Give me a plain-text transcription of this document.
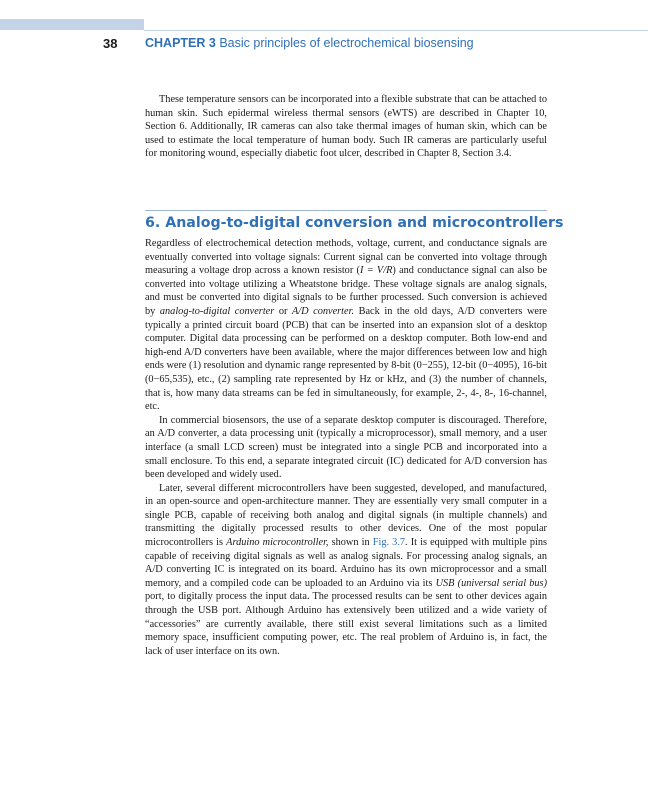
38 CHAPTER 3 Basic principles of electrochemical biosensing

These temperature sensors can be incorporated into a flexible substrate that can be attached to human skin. Such epidermal wireless thermal sensors (eWTS) are described in Chapter 10, Section 6. Additionally, IR cameras can also take thermal images of human skin, which can be used to estimate the local temperature of human body. Such IR cameras are particularly useful for monitoring wound, especially diabetic foot ulcer, described in Chapter 8, Section 3.4.

6. Analog-to-digital conversion and microcontrollers

Regardless of electrochemical detection methods, voltage, current, and conductance signals are eventually converted into voltage signals: Current signal can be converted into voltage through measuring a voltage drop across a known resistor (I = V/R) and conductance signal can also be converted into voltage utilizing a Wheatstone bridge. These voltage signals are analog signals, and must be converted into digital signals to be further processed. Such conversion is achieved by analog-to-digital converter or A/D converter. Back in the old days, A/D converters were typically a printed circuit board (PCB) that can be inserted into an expansion slot of a desktop computer. Digital data processing can be performed on a desktop computer. Both low-end and high-end A/D converters have been available, where the major differences between low and high ends were (1) resolution and dynamic range represented by 8-bit (0−255), 12-bit (0−4095), 16-bit (0−65,535), etc., (2) sampling rate represented by Hz or kHz, and (3) the number of channels, that is, how many data streams can be fed in simultaneously, for example, 2-, 4-, 8-, 16-channel, etc.

In commercial biosensors, the use of a separate desktop computer is discouraged. Therefore, an A/D converter, a data processing unit (typically a microprocessor), small memory, and a user interface (a small LCD screen) must be integrated into a single PCB and incorporated into a small enclosure. To this end, a separate integrated circuit (IC) dedicated for A/D conversion has been developed and widely used.

Later, several different microcontrollers have been suggested, developed, and manufactured, in an open-source and open-architecture manner. They are essentially very small computer in a single PCB, capable of receiving both analog and digital signals (in multiple channels) and transmitting the digitally processed results to other devices. One of the most popular microcontrollers is Arduino microcontroller, shown in Fig. 3.7. It is equipped with multiple pins capable of receiving digital signals as well as analog signals. For processing analog signals, an A/D converting IC is integrated on its board. Arduino has its own microprocessor and a small memory, and a compiled code can be uploaded to an Arduino via its USB (universal serial bus) port, to digitally process the input data. The processed results can be sent to other devices again through the USB port. Although Arduino has extensively been utilized and a wide variety of “accessories” are currently available, there still exist several limitations such as a limited memory space, insufficient computing power, etc. The real problem of Arduino is, in fact, the lack of user interface on its own.
